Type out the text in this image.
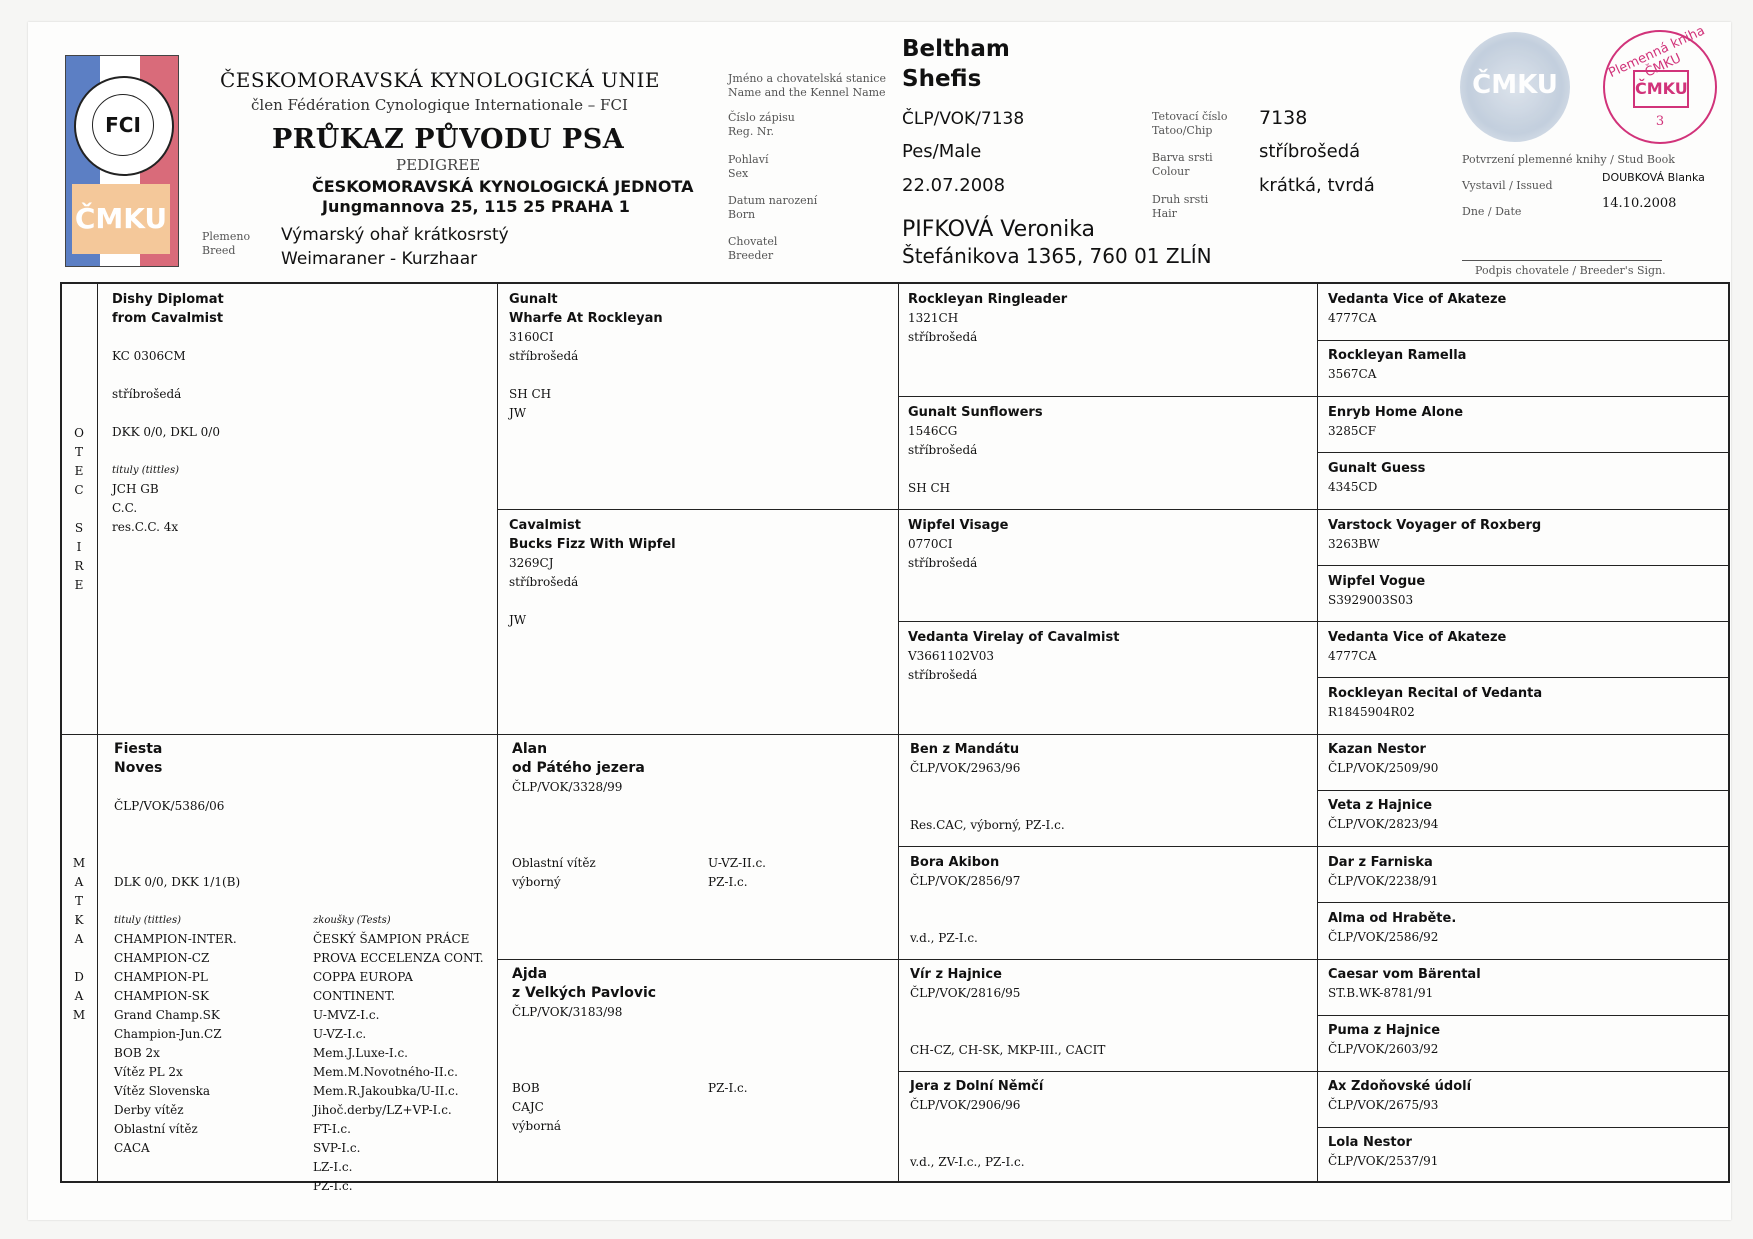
FCI
ČMKU
ČESKOMORAVSKÁ KYNOLOGICKÁ UNIE
člen Fédération Cynologique Internationale – FCI
PRŮKAZ PŮVODU PSA
PEDIGREE
ČESKOMORAVSKÁ KYNOLOGICKÁ JEDNOTA
Jungmannova 25, 115 25 PRAHA 1
Plemeno
Breed
Výmarský ohař krátkosrstý
Weimaraner - Kurzhaar
Jméno a chovatelská stanice
Name and the Kennel Name
Číslo zápisu
Reg. Nr.
Pohlaví
Sex
Datum narození
Born
Chovatel
Breeder
Beltham
Shefis
ČLP/VOK/7138
Pes/Male
22.07.2008
PIFKOVÁ Veronika
Štefánikova 1365, 760 01 ZLÍN
Tetovací číslo
Tatoo/Chip
Barva srsti
Colour
Druh srsti
Hair
7138
stříbrošedá
krátká, tvrdá
ČMKU
Plemenná kniha ČMKU
ČMKU
3
Potvrzení plemenné knihy / Stud Book
Vystavil / Issued
DOUBKOVÁ Blanka
Dne / Date
14.10.2008
Podpis chovatele / Breeder's Sign.
O
T
E
C

S
I
R
E
M
A
T
K
A

D
A
M
Dishy Diplomat
from Cavalmist
KC 0306CM
stříbrošedá
DKK 0/0, DKL 0/0
tituly (tittles)
JCH GB
C.C.
res.C.C. 4x
Fiesta
Noves
ČLP/VOK/5386/06
DLK 0/0, DKK 1/1(B)
tituly (tittles)
CHAMPION-INTER.
CHAMPION-CZ
CHAMPION-PL
CHAMPION-SK
Grand Champ.SK
Champion-Jun.CZ
BOB 2x
Vítěz PL 2x
Vítěz Slovenska
Derby vítěz
Oblastní vítěz
CACA
zkoušky (Tests)
ČESKÝ ŠAMPION PRÁCE
PROVA ECCELENZA CONT.
COPPA EUROPA CONTINENT.
U-MVZ-I.c.
U-VZ-I.c.
Mem.J.Luxe-I.c.
Mem.M.Novotného-II.c.
Mem.R.Jakoubka/U-II.c.
Jihoč.derby/LZ+VP-I.c.
FT-I.c.
SVP-I.c.
LZ-I.c.
PZ-I.c.
Gunalt
Wharfe At Rockleyan
3160CI
stříbrošedá
SH CH
JW
Cavalmist
Bucks Fizz With Wipfel
3269CJ
stříbrošedá
JW
Alan
od Pátého jezera
ČLP/VOK/3328/99
Oblastní vítěz
výborný
U-VZ-II.c.
PZ-I.c.
Ajda
z Velkých Pavlovic
ČLP/VOK/3183/98
BOB
CAJC
výborná
PZ-I.c.
Rockleyan Ringleader
1321CH
stříbrošedá
Gunalt Sunflowers
1546CG
stříbrošedá
SH CH
Wipfel Visage
0770CI
stříbrošedá
Vedanta Virelay of Cavalmist
V3661102V03
stříbrošedá
Ben z Mandátu
ČLP/VOK/2963/96
Res.CAC, výborný, PZ-I.c.
Bora Akibon
ČLP/VOK/2856/97
v.d., PZ-I.c.
Vír z Hajnice
ČLP/VOK/2816/95
CH-CZ, CH-SK, MKP-III., CACIT
Jera z Dolní Němčí
ČLP/VOK/2906/96
v.d., ZV-I.c., PZ-I.c.
Vedanta Vice of Akateze
4777CA
Rockleyan Ramella
3567CA
Enryb Home Alone
3285CF
Gunalt Guess
4345CD
Varstock Voyager of Roxberg
3263BW
Wipfel Vogue
S3929003S03
Vedanta Vice of Akateze
4777CA
Rockleyan Recital of Vedanta
R1845904R02
Kazan Nestor
ČLP/VOK/2509/90
Veta z Hajnice
ČLP/VOK/2823/94
Dar z Farniska
ČLP/VOK/2238/91
Alma od Hraběte.
ČLP/VOK/2586/92
Caesar vom Bärental
ST.B.WK-8781/91
Puma z Hajnice
ČLP/VOK/2603/92
Ax Zdoňovské údolí
ČLP/VOK/2675/93
Lola Nestor
ČLP/VOK/2537/91
